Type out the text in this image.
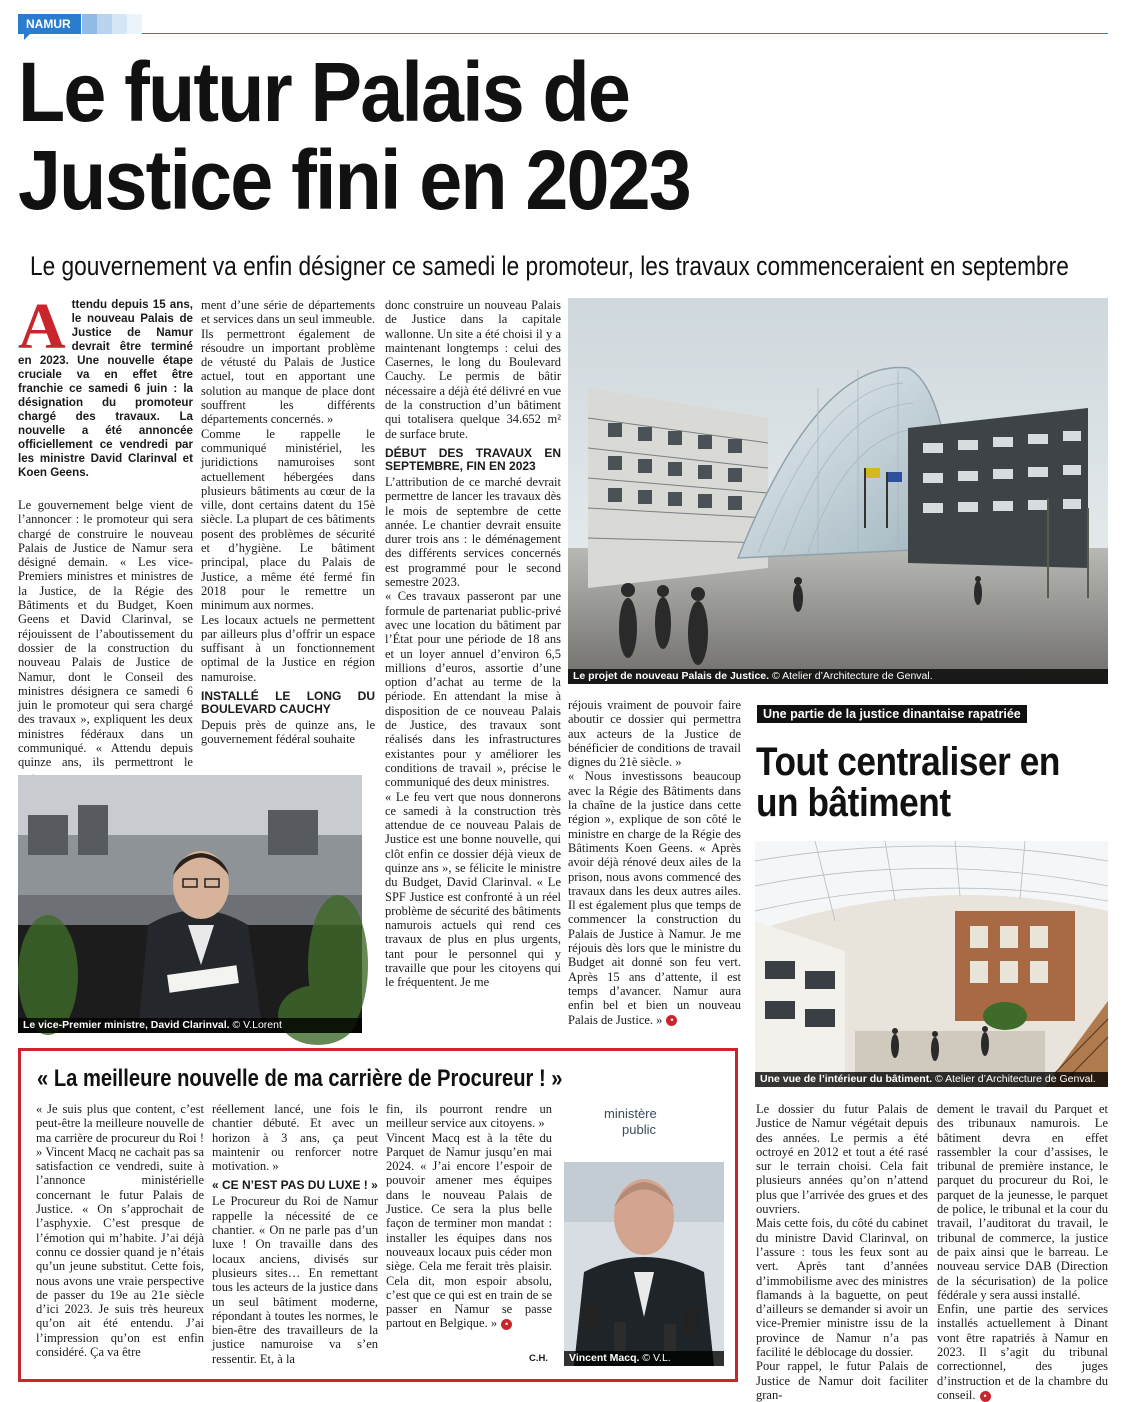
NAMUR
Le futur Palais de
Justice fini en 2023
Le gouvernement va enfin désigner ce samedi le promoteur, les travaux commenceraient en septembre

Attendu depuis 15 ans, le nouveau Palais de Justice de Namur devrait être terminé en 2023. Une nouvelle étape cruciale va en effet être franchie ce samedi 6 juin : la désignation du promoteur chargé des travaux. La nouvelle a été annoncée officiellement ce vendredi par les ministre David Clarinval et Koen Geens.

Le gouvernement belge vient de l’annoncer : le promoteur qui sera chargé de construire le nouveau Palais de Justice de Namur sera désigné demain. « Les vice-Premiers ministres et ministres de la Justice, de la Régie des Bâtiments et du Budget, Koen Geens et David Clarinval, se réjouissent de l’aboutissement du dossier de la construction du nouveau Palais de Justice de Namur, dont le Conseil des ministres désignera ce samedi 6 juin le promoteur qui sera chargé des travaux », expliquent les deux ministres fédéraux dans un communiqué. « Attendu depuis quinze ans, ils permettront le

ment d’une série de départements et services dans un seul immeuble. Ils permettront également de résoudre un important problème de vétusté du Palais de Justice actuel, tout en apportant une solution au manque de place dont souffrent les différents départements concernés. »

Comme le rappelle le communiqué ministériel, les juridictions namuroises sont actuellement hébergées dans plusieurs bâtiments au cœur de la ville, dont certains datent du 15è siècle. La plupart de ces bâtiments posent des problèmes de sécurité et d’hygiène. Le bâtiment principal, place du Palais de Justice, a même été fermé fin 2018 pour le remettre un minimum aux normes.

Les locaux actuels ne permettent par ailleurs plus d’offrir un espace suffisant à un fonctionnement optimal de la Justice en région namuroise.

INSTALLÉ LE LONG DU BOULEVARD CAUCHY

Depuis près de quinze ans, le gouvernement fédéral souhaite

donc construire un nouveau Palais de Justice dans la capitale wallonne. Un site a été choisi il y a maintenant longtemps : celui des Casernes, le long du Boulevard Cauchy. Le permis de bâtir nécessaire a déjà été délivré en vue de la construction d’un bâtiment qui totalisera quelque 34.652 m² de surface brute.

DÉBUT DES TRAVAUX EN SEPTEMBRE, FIN EN 2023

L’attribution de ce marché devrait permettre de lancer les travaux dès le mois de septembre de cette année. Le chantier devrait ensuite durer trois ans : le déménagement des différents services concernés est programmé pour le second semestre 2023.

« Ces travaux passeront par une formule de partenariat public-privé avec une location du bâtiment par l’État pour une période de 18 ans et un loyer annuel d’environ 6,5 millions d’euros, assortie d’une option d’achat au terme de la période. En attendant la mise à disposition de ce nouveau Palais de Justice, des travaux sont réalisés dans les infrastructures existantes pour y améliorer les conditions de travail », précise le communiqué des deux ministres.

« Le feu vert que nous donnerons ce samedi à la construction très attendue de ce nouveau Palais de Justice est une bonne nouvelle, qui clôt enfin ce dossier déjà vieux de quinze ans », se félicite le ministre du Budget, David Clarinval. « Le SPF Justice est confronté à un réel problème de sécurité des bâtiments namurois actuels qui rend ces travaux de plus en plus urgents, tant pour le personnel qui y travaille que pour les citoyens qui le fréquentent. Je me

réjouis vraiment de pouvoir faire aboutir ce dossier qui permettra aux acteurs de la Justice de bénéficier de conditions de travail dignes du 21è siècle. »

« Nous investissons beaucoup avec la Régie des Bâtiments dans la chaîne de la justice dans cette région », explique de son côté le ministre en charge de la Régie des Bâtiments Koen Geens. « Après avoir déjà rénové deux ailes de la prison, nous avons commencé des travaux dans les deux autres ailes. Il est également plus que temps de commencer la construction du Palais de Justice à Namur. Je me réjouis dès lors que le ministre du Budget ait donné son feu vert. Après 15 ans d’attente, il est temps d’avancer. Namur aura enfin bel et bien un nouveau Palais de Justice. » •

Le projet de nouveau Palais de Justice. © Atelier d’Architecture de Genval.
Le vice-Premier ministre, David Clarinval. © V.Lorent
Une partie de la justice dinantaise rapatriée
Tout centraliser en un bâtiment
Une vue de l’intérieur du bâtiment. © Atelier d’Architecture de Genval.

Le dossier du futur Palais de Justice de Namur végétait depuis des années. Le permis a été octroyé en 2012 et tout a été rasé sur le terrain choisi. Cela fait plusieurs années qu’on n’attend plus que l’arrivée des grues et des ouvriers.

Mais cette fois, du côté du cabinet du ministre David Clarinval, on l’assure : tous les feux sont au vert. Après tant d’années d’immobilisme avec des ministres flamands à la baguette, on peut d’ailleurs se demander si avoir un vice-Premier ministre issu de la province de Namur n’a pas facilité le déblocage du dossier.

Pour rappel, le futur Palais de Justice de Namur doit faciliter gran-

dement le travail du Parquet et des tribunaux namurois. Le bâtiment devra en effet rassembler la cour d’assises, le tribunal de première instance, le parquet du procureur du Roi, le parquet de la jeunesse, le parquet de police, le tribunal et la cour du travail, l’auditorat du travail, le tribunal de commerce, la justice de paix ainsi que le barreau. Le nouveau service DAB (Direction de la sécurisation) de la police fédérale y sera aussi installé.

Enfin, une partie des services installés actuellement à Dinant vont être rapatriés à Namur en 2023. Il s’agit du tribunal correctionnel, des juges d’instruction et de la chambre du conseil. •

« La meilleure nouvelle de ma carrière de Procureur ! »

« Je suis plus que content, c’est peut-être la meilleure nouvelle de ma carrière de procureur du Roi ! » Vincent Macq ne cachait pas sa satisfaction ce vendredi, suite à l’annonce ministérielle concernant le futur Palais de Justice. « On s’approchait de l’asphyxie. C’est presque de l’émotion qui m’habite. J’ai déjà connu ce dossier quand je n’étais qu’un jeune substitut. Cette fois, nous avons une vraie perspective de passer du 19e au 21e siècle d’ici 2023. Je suis très heureux qu’on ait été entendu. J’ai l’impression qu’on est enfin considéré. Ça va être

réellement lancé, une fois le chantier débuté. Et avec un horizon à 3 ans, ça peut maintenir ou renforcer notre motivation. »

« CE N’EST PAS DU LUXE ! »

Le Procureur du Roi de Namur rappelle la nécessité de ce chantier. « On ne parle pas d’un luxe ! On travaille dans des locaux anciens, divisés sur plusieurs sites… En remettant tous les acteurs de la justice dans un seul bâtiment moderne, répondant à toutes les normes, le bien-être des travailleurs de la justice namuroise va s’en ressentir. Et, à la

fin, ils pourront rendre un meilleur service aux citoyens. »

Vincent Macq est à la tête du Parquet de Namur jusqu’en mai 2024. « J’ai encore l’espoir de pouvoir amener mes équipes dans le nouveau Palais de Justice. Ce sera la plus belle façon de terminer mon mandat : installer les équipes dans nos nouveaux locaux puis céder mon siège. Cela me ferait très plaisir. Cela dit, mon espoir absolu, c’est que ce qui est en train de se passer en Namur se passe partout en Belgique. » •

C.H.
ministère
public
Vincent Macq. © V.L.
